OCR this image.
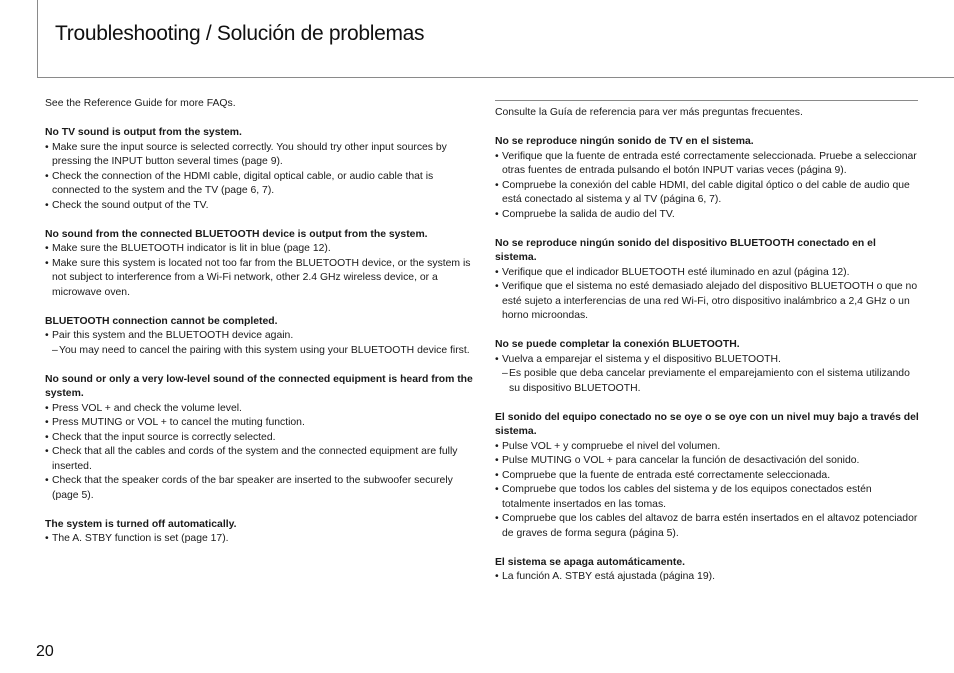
Troubleshooting / Solución de problemas

See the Reference Guide for more FAQs.

No TV sound is output from the system.

• Make sure the input source is selected correctly. You should try other input sources by pressing the INPUT button several times (page 9).
• Check the connection of the HDMI cable, digital optical cable, or audio cable that is connected to the system and the TV (page 6, 7).
• Check the sound output of the TV.

No sound from the connected BLUETOOTH device is output from the system.

• Make sure the BLUETOOTH indicator is lit in blue (page 12).
• Make sure this system is located not too far from the BLUETOOTH device, or the system is not subject to interference from a Wi-Fi network, other 2.4 GHz wireless device, or a microwave oven.

BLUETOOTH connection cannot be completed.

• Pair this system and the BLUETOOTH device again.
– You may need to cancel the pairing with this system using your BLUETOOTH device first.

No sound or only a very low-level sound of the connected equipment is heard from the system.

• Press VOL + and check the volume level.
• Press MUTING or VOL + to cancel the muting function.
• Check that the input source is correctly selected.
• Check that all the cables and cords of the system and the connected equipment are fully inserted.
• Check that the speaker cords of the bar speaker are inserted to the subwoofer securely (page 5).

The system is turned off automatically.

• The A. STBY function is set (page 17).

Consulte la Guía de referencia para ver más preguntas frecuentes.

No se reproduce ningún sonido de TV en el sistema.

• Verifique que la fuente de entrada esté correctamente seleccionada. Pruebe a seleccionar otras fuentes de entrada pulsando el botón INPUT varias veces (página 9).
• Compruebe la conexión del cable HDMI, del cable digital óptico o del cable de audio que está conectado al sistema y al TV (página 6, 7).
• Compruebe la salida de audio del TV.

No se reproduce ningún sonido del dispositivo BLUETOOTH conectado en el sistema.

• Verifique que el indicador BLUETOOTH esté iluminado en azul (página 12).
• Verifique que el sistema no esté demasiado alejado del dispositivo BLUETOOTH o que no esté sujeto a interferencias de una red Wi-Fi, otro dispositivo inalámbrico a 2,4 GHz o un horno microondas.

No se puede completar la conexión BLUETOOTH.

• Vuelva a emparejar el sistema y el dispositivo BLUETOOTH.
– Es posible que deba cancelar previamente el emparejamiento con el sistema utilizando su dispositivo BLUETOOTH.

El sonido del equipo conectado no se oye o se oye con un nivel muy bajo a través del sistema.

• Pulse VOL + y compruebe el nivel del volumen.
• Pulse MUTING o VOL + para cancelar la función de desactivación del sonido.
• Compruebe que la fuente de entrada esté correctamente seleccionada.
• Compruebe que todos los cables del sistema y de los equipos conectados estén totalmente insertados en las tomas.
• Compruebe que los cables del altavoz de barra estén insertados en el altavoz potenciador de graves de forma segura (página 5).

El sistema se apaga automáticamente.

• La función A. STBY está ajustada (página 19).
20
